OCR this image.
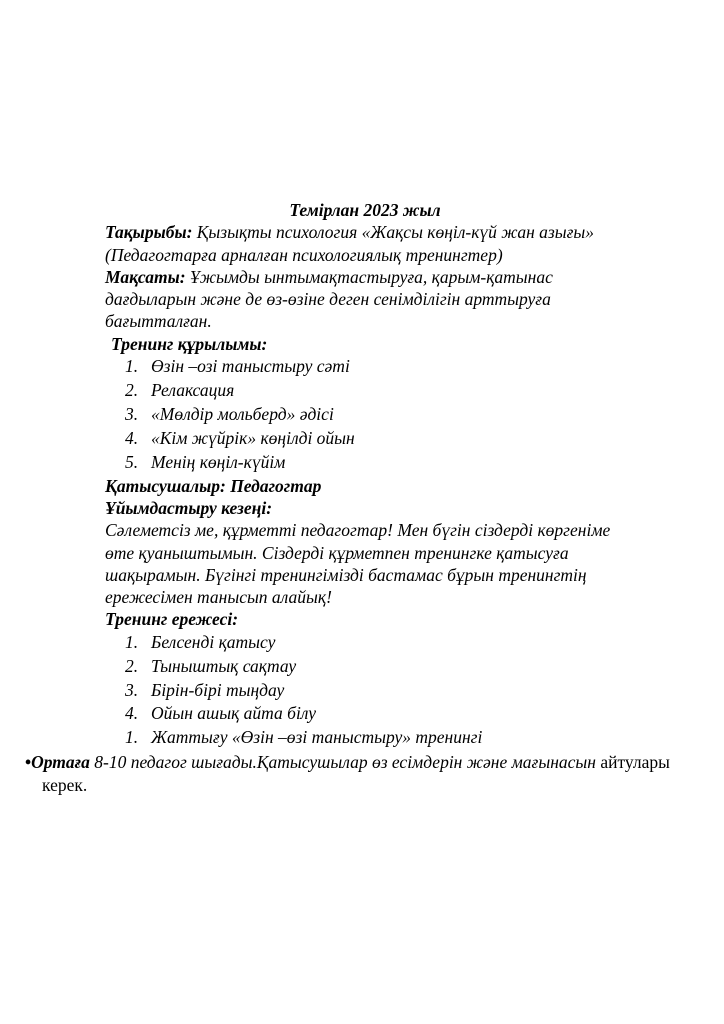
Темірлан 2023 жыл

Тақырыбы: Қызықты психология «Жақсы көңіл-күй жан азығы»

(Педагогтарға арналған психологиялық тренингтер)

Мақсаты: Ұжымды ынтымақтастыруға, қарым-қатынас дағдыларын және де өз-өзіне деген сенімділігін арттыруға бағытталған.

Тренинг құрылымы:

1. Өзін –озі таныстыру сәті
2. Релаксация
3. «Мөлдір мольберд» әдісі
4. «Кім жүйрік» көңілді ойын
5. Менің көңіл-күйім

Қатысушалыр: Педагогтар

Ұйымдастыру кезеңі:

Сәлеметсіз ме, құрметті педагогтар! Мен бүгін сіздерді көргеніме өте қуаныштымын. Сіздерді құрметпен тренингке қатысуға шақырамын. Бүгінгі тренингімізді бастамас бұрын тренингтің ережесімен танысып алайық!

Тренинг ережесі:

1. Белсенді қатысу
2. Тыныштық сақтау
3. Бірін-бірі тыңдау
4. Ойын ашық айта білу
1. Жаттығу «Өзін –өзі таныстыру» тренингі

•Ортаға 8-10 педагог шығады.Қатысушылар өз есімдерін және мағынасын айтулары керек.
